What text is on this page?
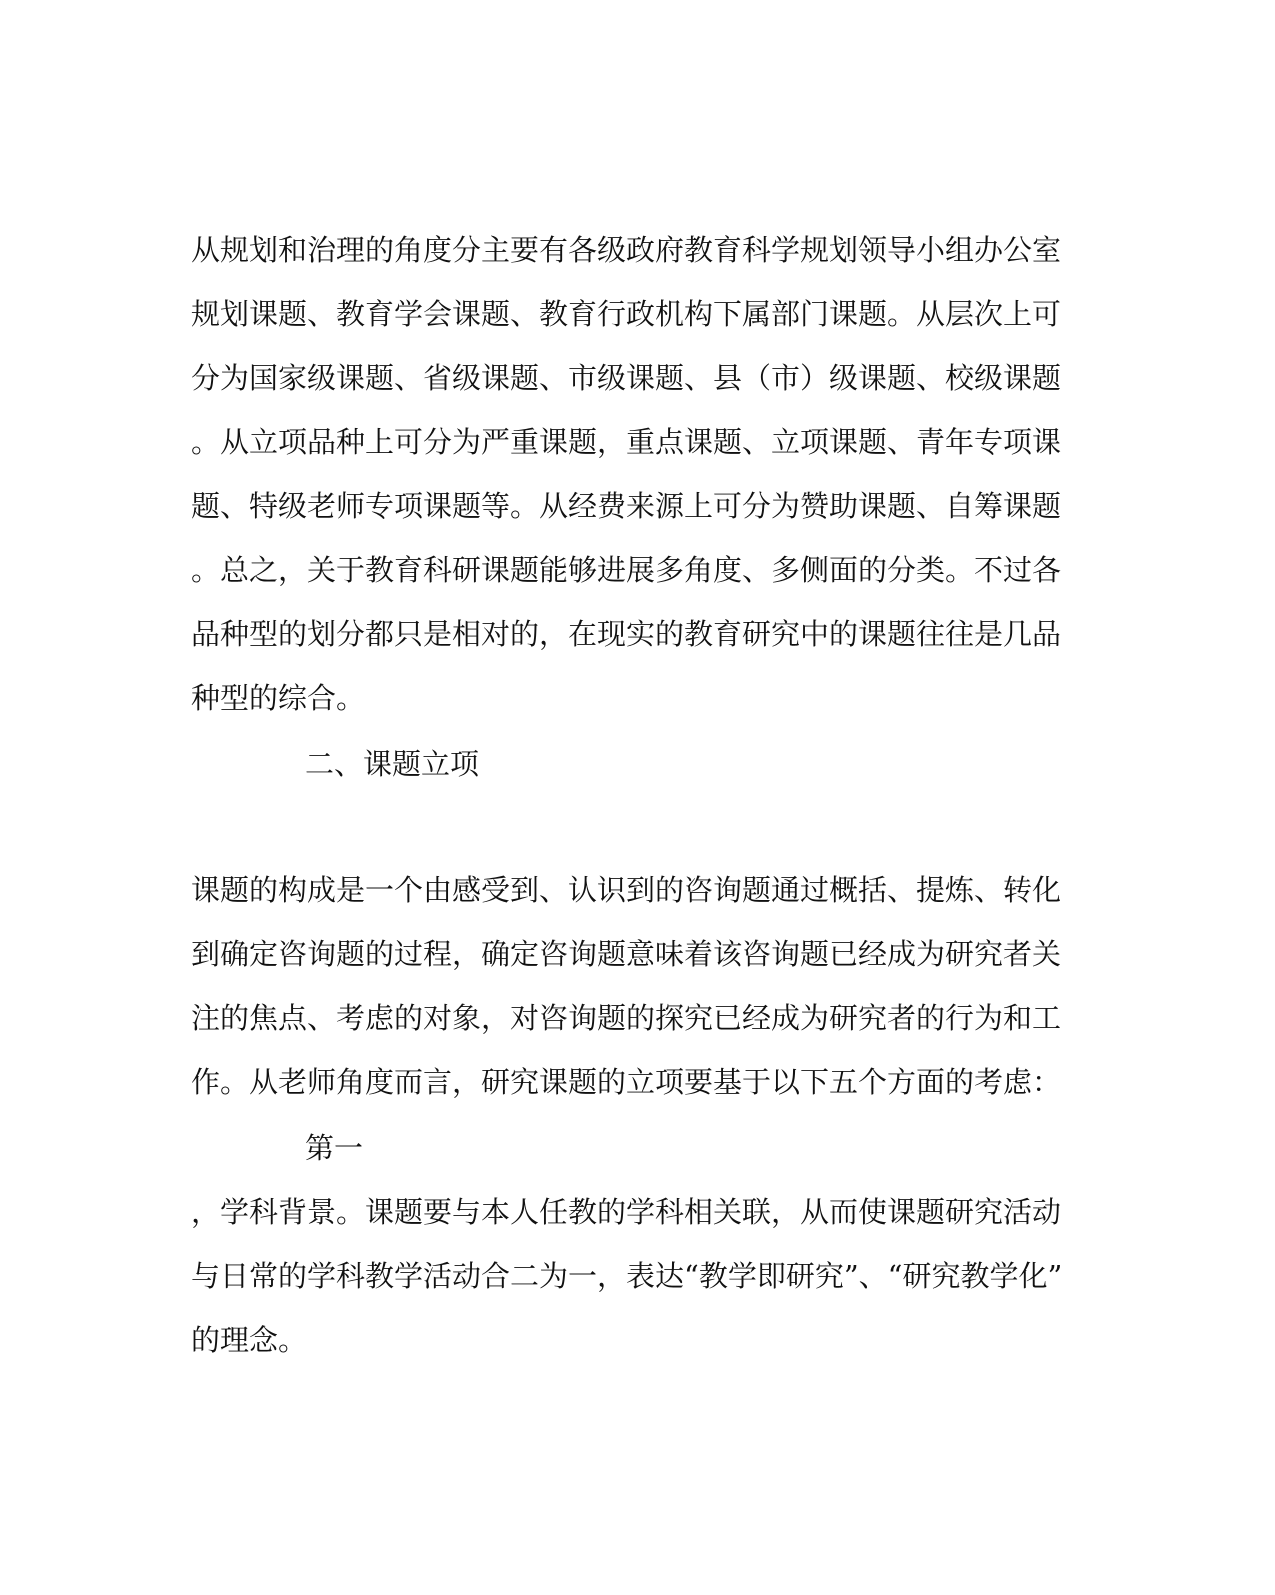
从规划和治理的角度分主要有各级政府教育科学规划领导小组办公室
规划课题、教育学会课题、教育行政机构下属部门课题。从层次上可
分为国家级课题、省级课题、市级课题、县（市）级课题、校级课题
。从立项品种上可分为严重课题，重点课题、立项课题、青年专项课
题、特级老师专项课题等。从经费来源上可分为赞助课题、自筹课题
。总之，关于教育科研课题能够进展多角度、多侧面的分类。不过各
品种型的划分都只是相对的，在现实的教育研究中的课题往往是几品
种型的综合。
二、课题立项
课题的构成是一个由感受到、认识到的咨询题通过概括、提炼、转化
到确定咨询题的过程，确定咨询题意味着该咨询题已经成为研究者关
注的焦点、考虑的对象，对咨询题的探究已经成为研究者的行为和工
作。从老师角度而言，研究课题的立项要基于以下五个方面的考虑：
第一
，学科背景。课题要与本人任教的学科相关联，从而使课题研究活动
与日常的学科教学活动合二为一，表达“教学即研究”、“研究教学化”
的理念。
